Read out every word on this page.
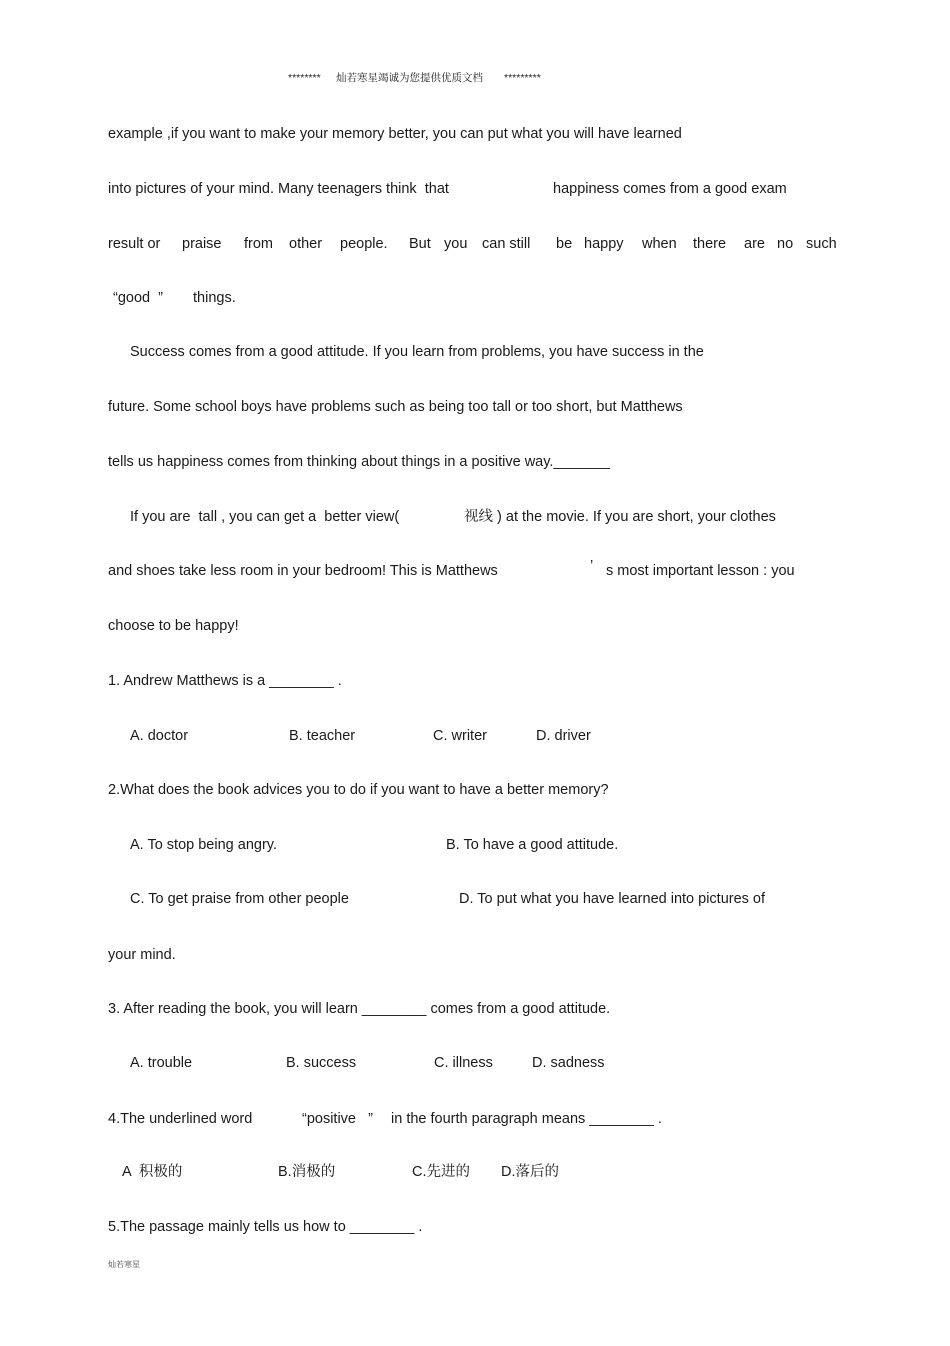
******** 灿若寒星竭诚为您提供优质文档 *********
example ,if you want to make your memory better, you can put what you will have learned
into pictures of your mind. Many teenagers think  that	happiness comes from a good exam
result or praise from other people. But you can still be happy when there are no such
“good  ” things.
Success comes from a good attitude. If you learn from problems, you have success in the
future. Some school boys have problems such as being too tall or too short, but Matthews
tells us happiness comes from thinking about things in a positive way._______
If you are  tall , you can get a  better view(	视线 ) at the movie. If you are short, your clothes
and shoes take less room in your bedroom! This is Matthews	’ s most important lesson : you
choose to be happy!
1. Andrew Matthews is a ________ .
A. doctor	B. teacher	C. writer	D. driver
2.What does the book advices you to do if you want to have a better memory?
A. To stop being angry.	B. To have a good attitude.
C. To get praise from other people	D. To put what you have learned into pictures of
your mind.
3. After reading the book, you will learn ________ comes from a good attitude.
A. trouble	B. success	C. illness	D. sadness
4.The underlined word	“positive   ” in the fourth paragraph means ________ .
A  积极的	B.消极的	C.先进的 D.落后的
5.The passage mainly tells us how to ________ .
灿若寒星
